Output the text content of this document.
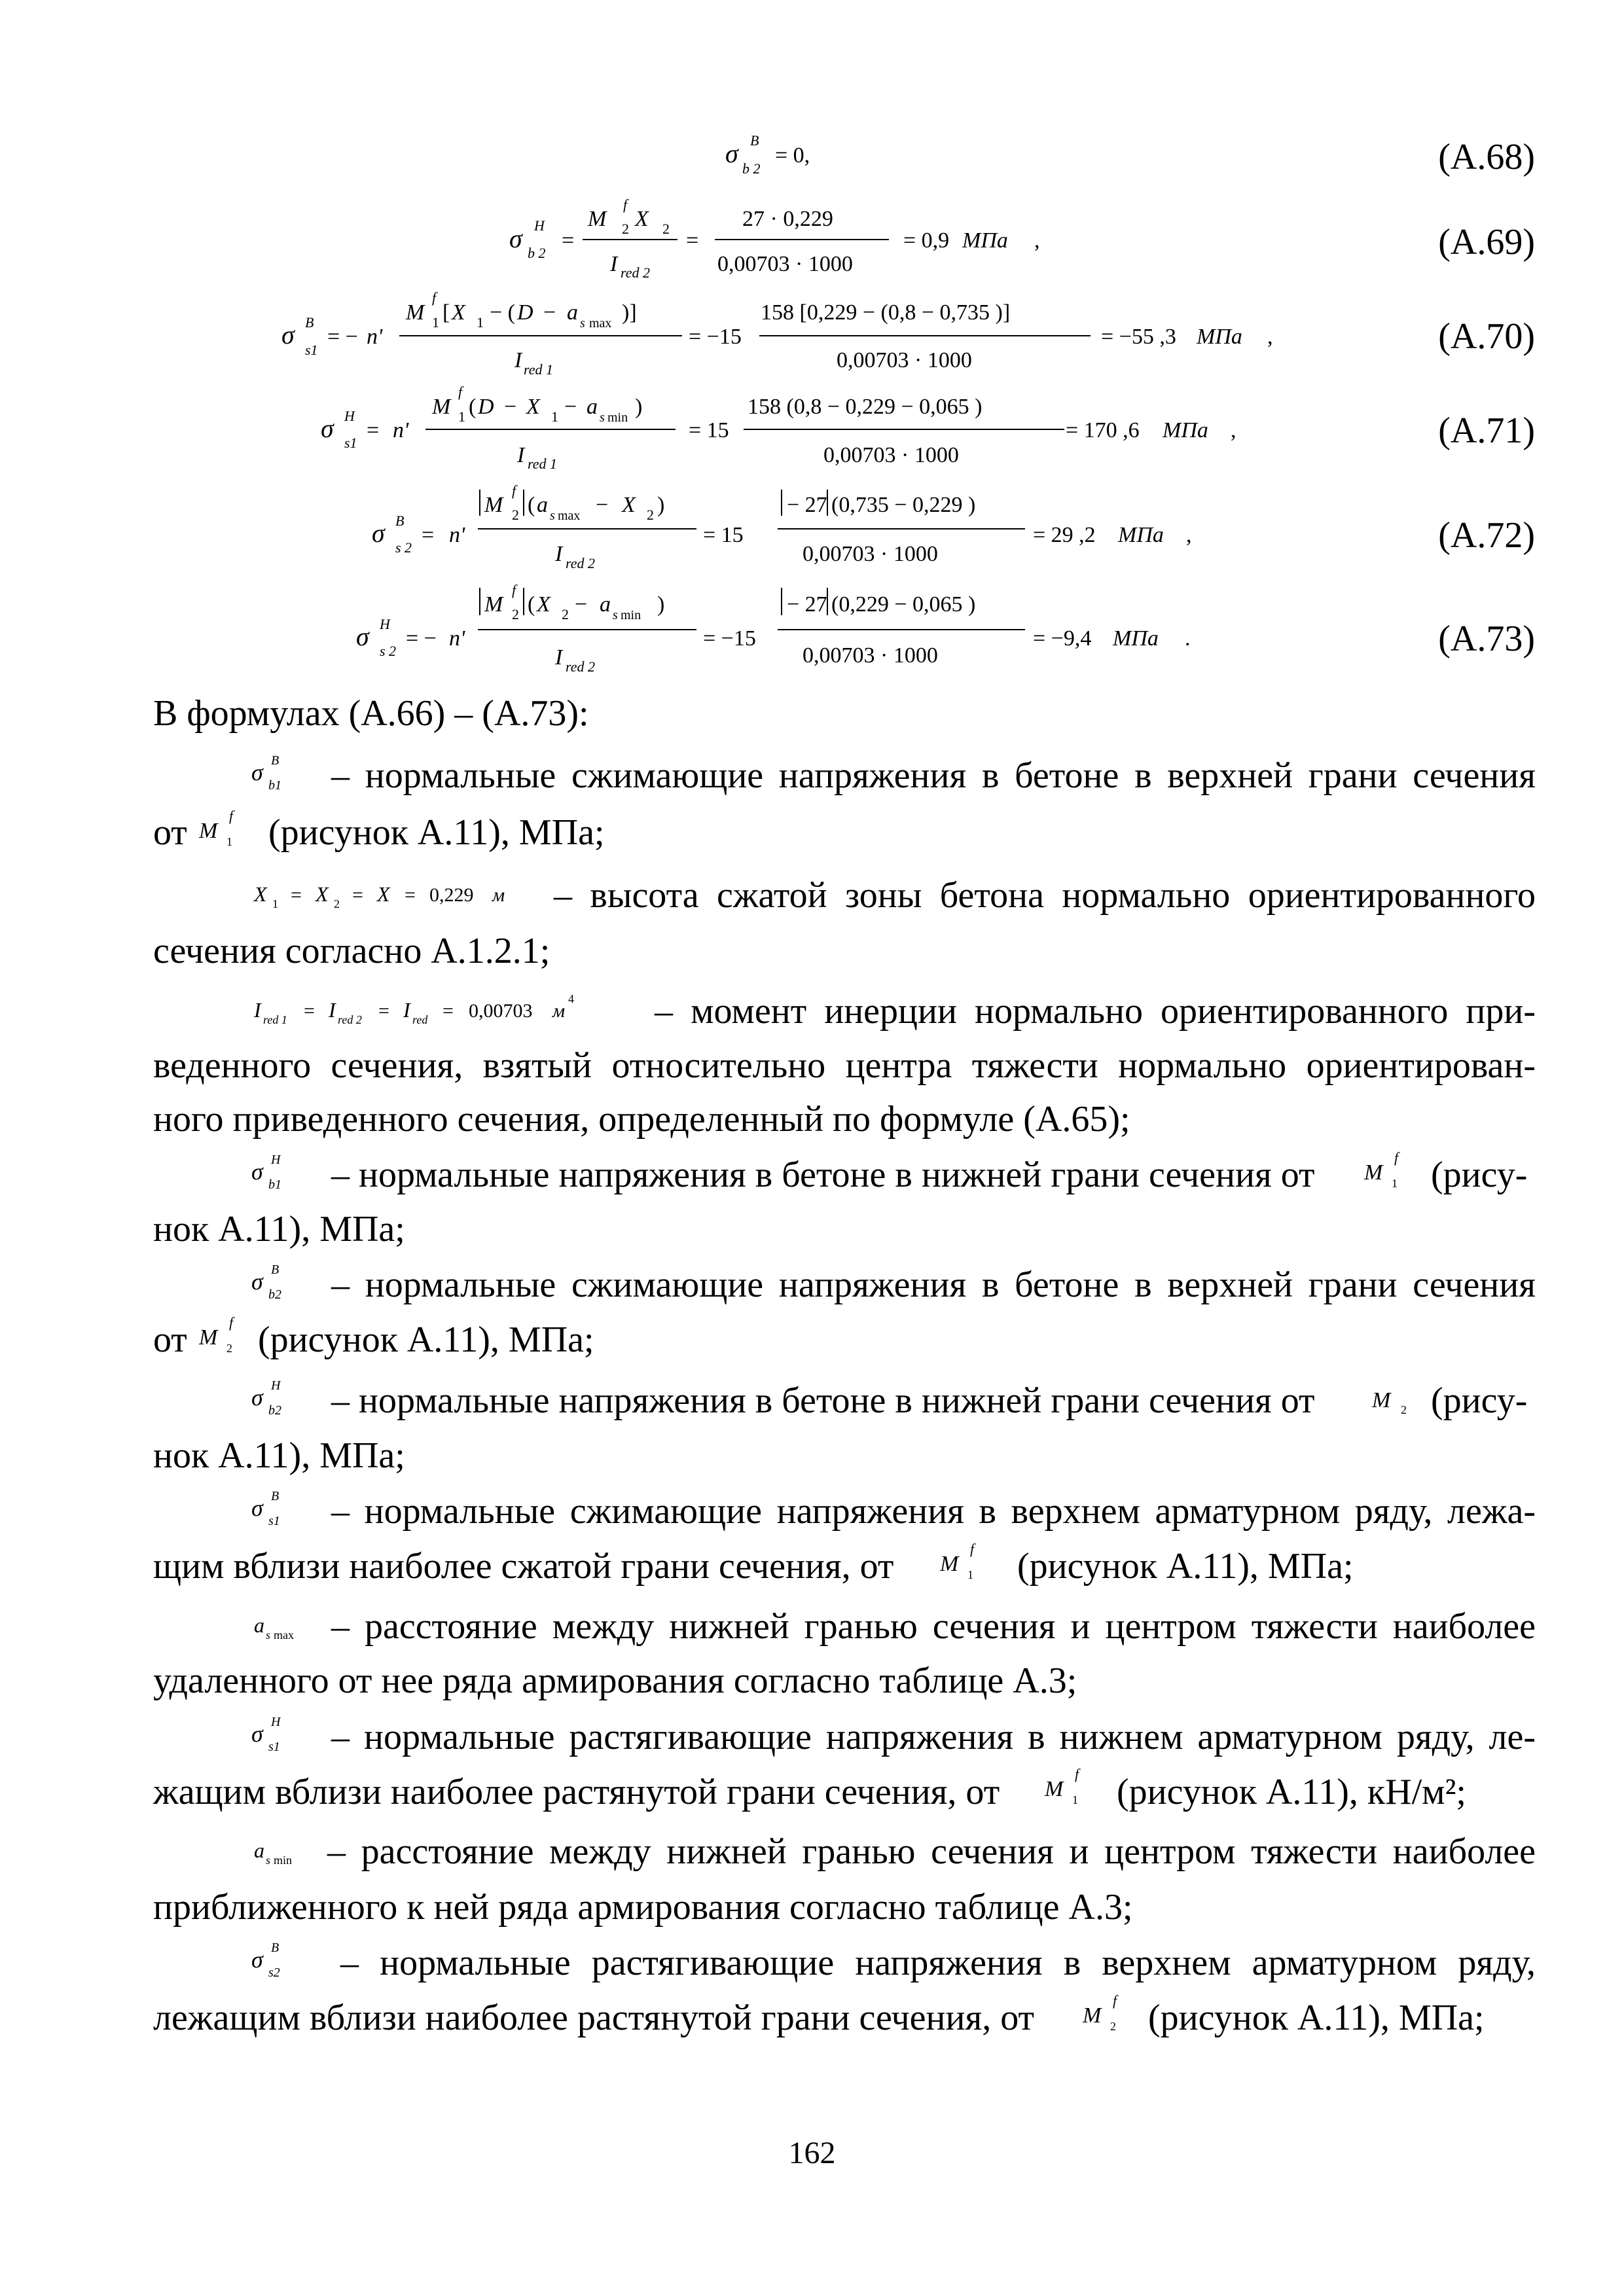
σ B
b 2
= 0,	(А.68)
σ H
b 2
=
M
f
2 X 2
I red 2
=
27 · 0,229
0,00703 · 1000
= 0,9 MПa ,	(А.69)
σ B
s1
= − n'
M
f
1 [ X 1 − ( D − a s max )]
I red 1
= −15
158 [0,229 − (0,8 − 0,735 )]
0,00703 · 1000
= −55 ,3 MПa ,	(А.70)
σ H
s1
= n'
M
f
1 ( D − X 1 − a s min )
I red 1
= 15
158 (0,8 − 0,229 − 0,065 )
0,00703 · 1000
= 170 ,6 MПa ,	(А.71)
σ B
s 2
= n'
M
f
2 ( a s max − X 2 )
I red 2
= 15
− 27 (0,735 − 0,229 )
0,00703 · 1000
= 29 ,2 MПa ,	(А.72)
σ H
s 2
= − n'
M
f
2 ( X 2 − a s min )
I red 2
= −15
− 27 (0,229 − 0,065 )
0,00703 · 1000
= −9,4 MПa .	(А.73)
В формулах (А.66) – (А.73):
σ B
b1 – нормальные сжимающие напряжения в бетоне в верхней грани сечения
от M
f
1 (рисунок А.11), МПа;
X 1 = X 2 = X = 0,229 м – высота сжатой зоны бетона нормально ориентированного
сечения согласно А.1.2.1;
I red 1 = I red 2 = I red = 0,00703 м
4 – момент инерции нормально ориентированного при-
веденного сечения, взятый относительно центра тяжести нормально ориентирован-
ного приведенного сечения, определенный по формуле (А.65);
σ H
b1 – нормальные напряжения в бетоне в нижней грани сечения от M
f
1 (рису-
нок А.11), МПа;
σ B
b2 – нормальные сжимающие напряжения в бетоне в верхней грани сечения
от M
f
2 (рисунок А.11), МПа;
σ H
b2 – нормальные напряжения в бетоне в нижней грани сечения от	M 2 (рису-
нок А.11), МПа;
σ B
s1 – нормальные сжимающие напряжения в верхнем арматурном ряду, лежа-
щим вблизи наиболее сжатой грани сечения, от M
f
1 (рисунок А.11), МПа;
a s max – расстояние между нижней гранью сечения и центром тяжести наиболее
удаленного от нее ряда армирования согласно таблице А.3;
σ H
s1 – нормальные растягивающие напряжения в нижнем арматурном ряду, ле-
жащим вблизи наиболее растянутой грани сечения, от M
f
1 (рисунок А.11), кН/м²;
a s min – расстояние между нижней гранью сечения и центром тяжести наиболее
приближенного к ней ряда армирования согласно таблице А.3;
σ B
s2 – нормальные растягивающие напряжения в верхнем арматурном ряду,
лежащим вблизи наиболее растянутой грани сечения, от M
f
2 (рисунок А.11), МПа;
162
